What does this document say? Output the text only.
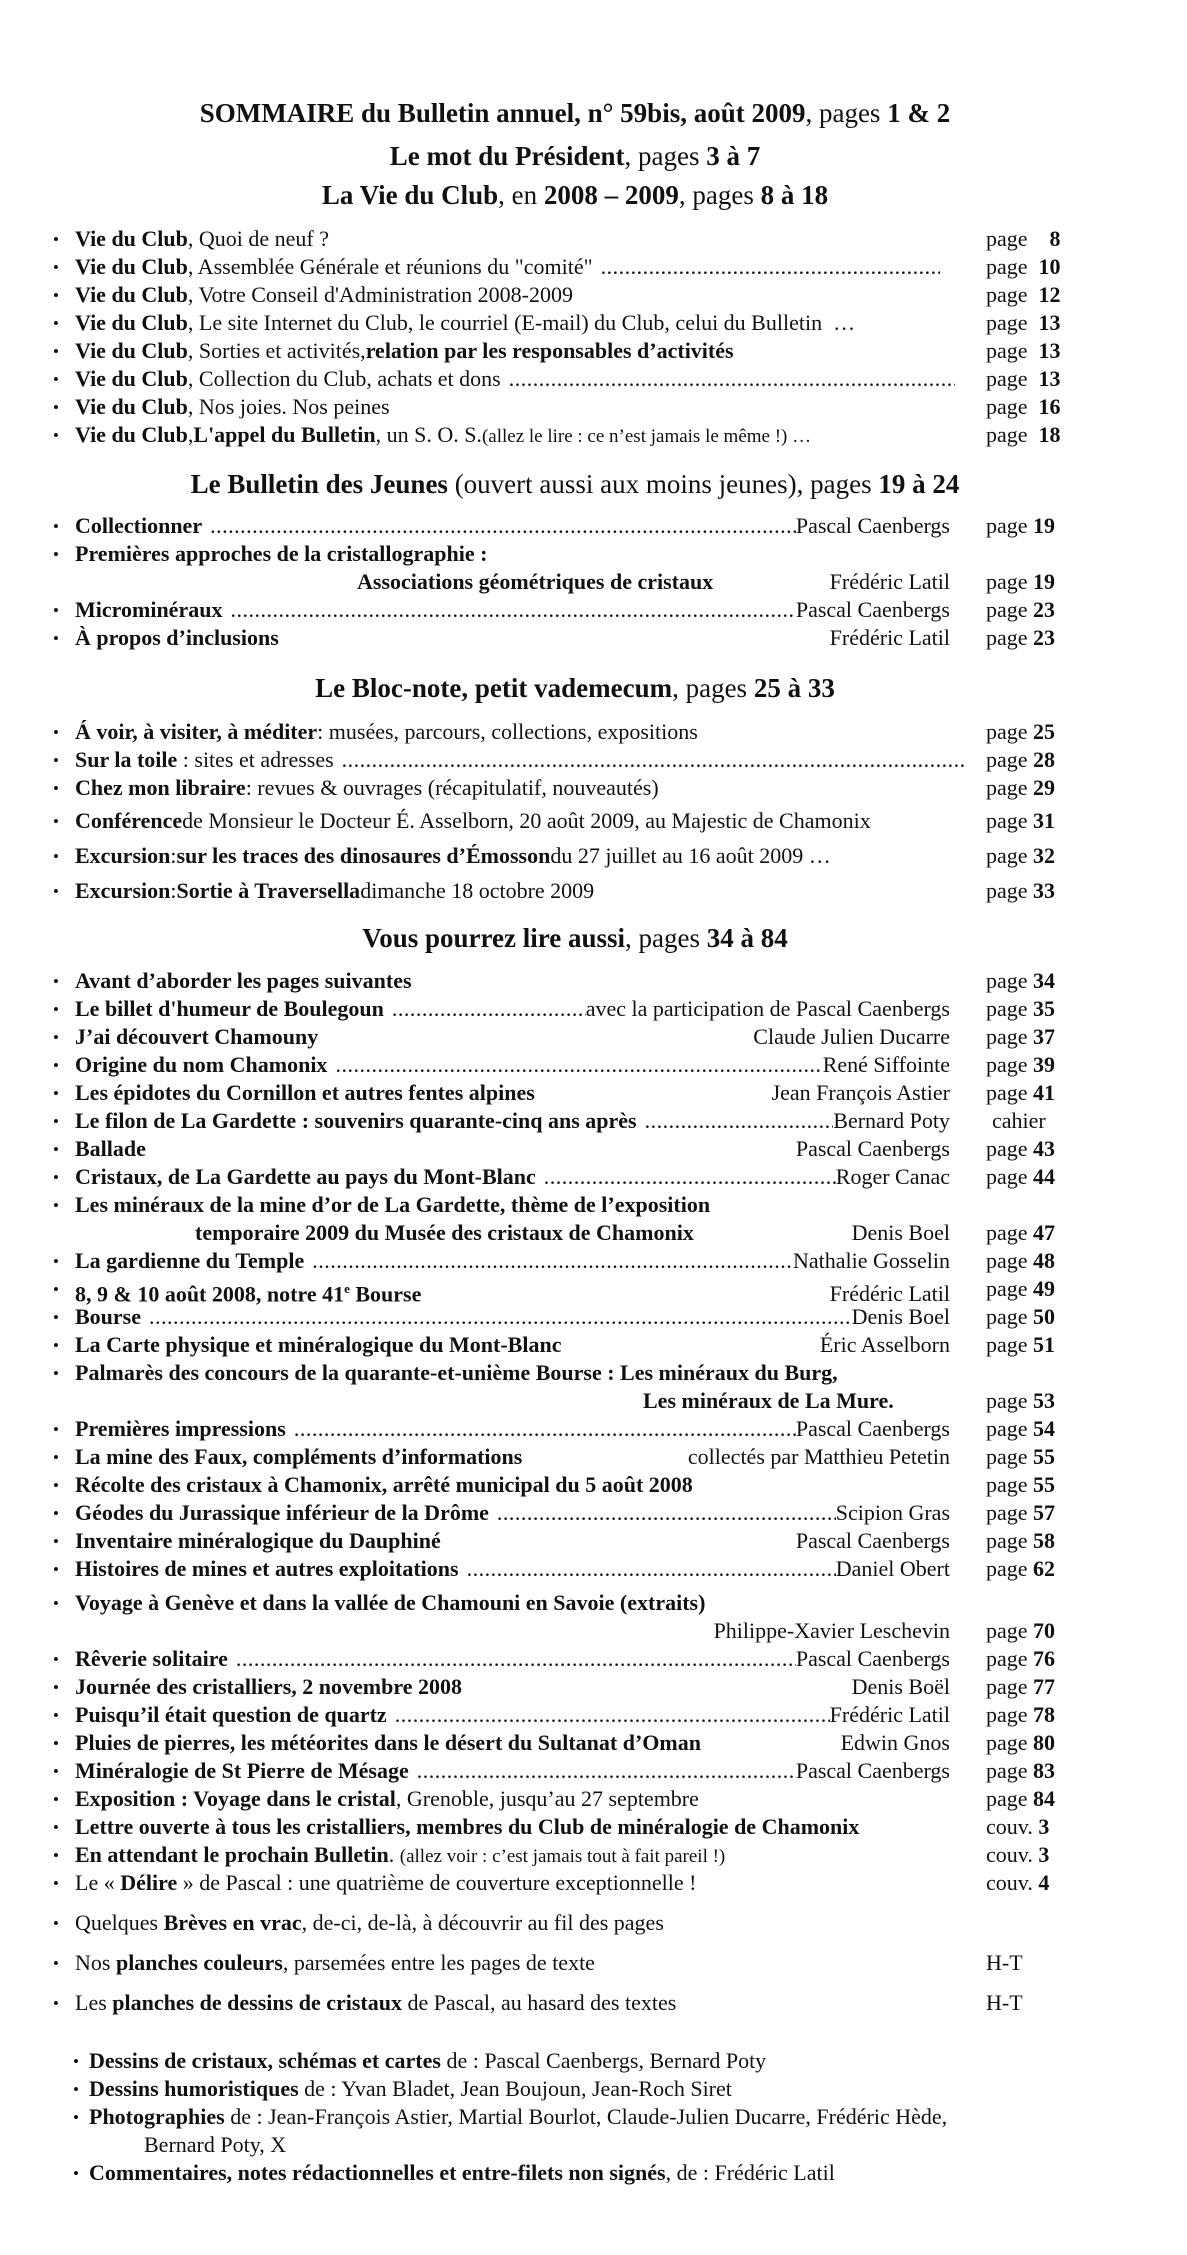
SOMMAIRE du Bulletin annuel, n° 59bis, août 2009, pages 1 & 2
Le mot du Président, pages 3 à 7
La Vie du Club, en 2008 – 2009, pages 8 à 18
• Vie du Club , Quoi de neuf ?	page 8
• Vie du Club, Assemblée Générale et réunions du "comité" .....	page 10
• Vie du Club , Votre Conseil d'Administration 2008-2009	page 12
• Vie du Club , Le site Internet du Club, le courriel (E-mail) du Club, celui du Bulletin …	page 13
• Vie du Club , Sorties et activités, relation par les responsables d’activités	page 13
• Vie du Club, Collection du Club, achats et dons .....	page 13
• Vie du Club , Nos joies. Nos peines	page 16
• Vie du Club , L'appel du Bulletin , un S. O. S. (allez le lire : ce n’est jamais le même !) …	page 18
Le Bulletin des Jeunes (ouvert aussi aux moins jeunes), pages 19 à 24
• Collectionner .....	Pascal Caenbergs page 19
• Premières approches de la cristallographie :
Associations géométriques de cristaux	Frédéric Latil page 19
• Microminéraux .....	Pascal Caenbergs page 23
• À propos d’inclusions	Frédéric Latil page 23
Le Bloc-note, petit vademecum, pages 25 à 33
• Á voir, à visiter, à méditer : musées, parcours, collections, expositions	page 25
• Sur la toile : sites et adresses .....	page 28
• Chez mon libraire : revues & ouvrages (récapitulatif, nouveautés)	page 29
• Conférence de Monsieur le Docteur É. Asselborn, 20 août 2009, au Majestic de Chamonix	page 31
• Excursion : sur les traces des dinosaures d’Émosson du 27 juillet au 16 août 2009 …	page 32
• Excursion : Sortie à Traversella dimanche 18 octobre 2009	page 33
Vous pourrez lire aussi, pages 34 à 84
• Avant d’aborder les pages suivantes	page 34
• Le billet d'humeur de Boulegoun .....	avec la participation de Pascal Caenbergs page 35
• J’ai découvert Chamouny	Claude Julien Ducarre page 37
• Origine du nom Chamonix .....	René Siffointe page 39
• Les épidotes du Cornillon et autres fentes alpines	Jean François Astier page 41
• Le filon de La Gardette : souvenirs quarante-cinq ans après .....	Bernard Poty cahier
• Ballade	Pascal Caenbergs page 43
• Cristaux, de La Gardette au pays du Mont-Blanc .....	Roger Canac page 44
• Les minéraux de la mine d’or de La Gardette, thème de l’exposition
temporaire 2009 du Musée des cristaux de Chamonix	Denis Boel page 47
• La gardienne du Temple .....	Nathalie Gosselin page 48
• 8, 9 & 10 août 2008, notre 41e Bourse	Frédéric Latil page 49
• Bourse .....	Denis Boel page 50
• La Carte physique et minéralogique du Mont-Blanc	Éric Asselborn page 51
• Palmarès des concours de la quarante-et-unième Bourse : Les minéraux du Burg,
Les minéraux de La Mure.	page 53
• Premières impressions .....	Pascal Caenbergs page 54
• La mine des Faux, compléments d’informations	collectés par Matthieu Petetin page 55
• Récolte des cristaux à Chamonix, arrêté municipal du 5 août 2008	page 55
• Géodes du Jurassique inférieur de la Drôme .....	Scipion Gras page 57
• Inventaire minéralogique du Dauphiné	Pascal Caenbergs page 58
• Histoires de mines et autres exploitations .....	Daniel Obert page 62
• Voyage à Genève et dans la vallée de Chamouni en Savoie (extraits)
Philippe-Xavier Leschevin page 70
• Rêverie solitaire .....	Pascal Caenbergs page 76
• Journée des cristalliers, 2 novembre 2008	Denis Boël page 77
• Puisqu’il était question de quartz .....	Frédéric Latil page 78
• Pluies de pierres, les météorites dans le désert du Sultanat d’Oman	Edwin Gnos page 80
• Minéralogie de St Pierre de Mésage .....	Pascal Caenbergs page 83
• Exposition : Voyage dans le cristal, Grenoble, jusqu’au 27 septembre	page 84
• Lettre ouverte à tous les cristalliers, membres du Club de minéralogie de Chamonix	couv. 3
• En attendant le prochain Bulletin. (allez voir : c’est jamais tout à fait pareil !)	couv. 3
• Le « Délire » de Pascal : une quatrième de couverture exceptionnelle !	couv. 4
• Quelques Brèves en vrac, de-ci, de-là, à découvrir au fil des pages
• Nos planches couleurs, parsemées entre les pages de texte	H-T
• Les planches de dessins de cristaux de Pascal, au hasard des textes	H-T
• Dessins de cristaux, schémas et cartes de : Pascal Caenbergs, Bernard Poty
• Dessins humoristiques de : Yvan Bladet, Jean Boujoun, Jean-Roch Siret
• Photographies de : Jean-François Astier, Martial Bourlot, Claude-Julien Ducarre, Frédéric Hède,
Bernard Poty, X
• Commentaires, notes rédactionnelles et entre-filets non signés, de : Frédéric Latil
